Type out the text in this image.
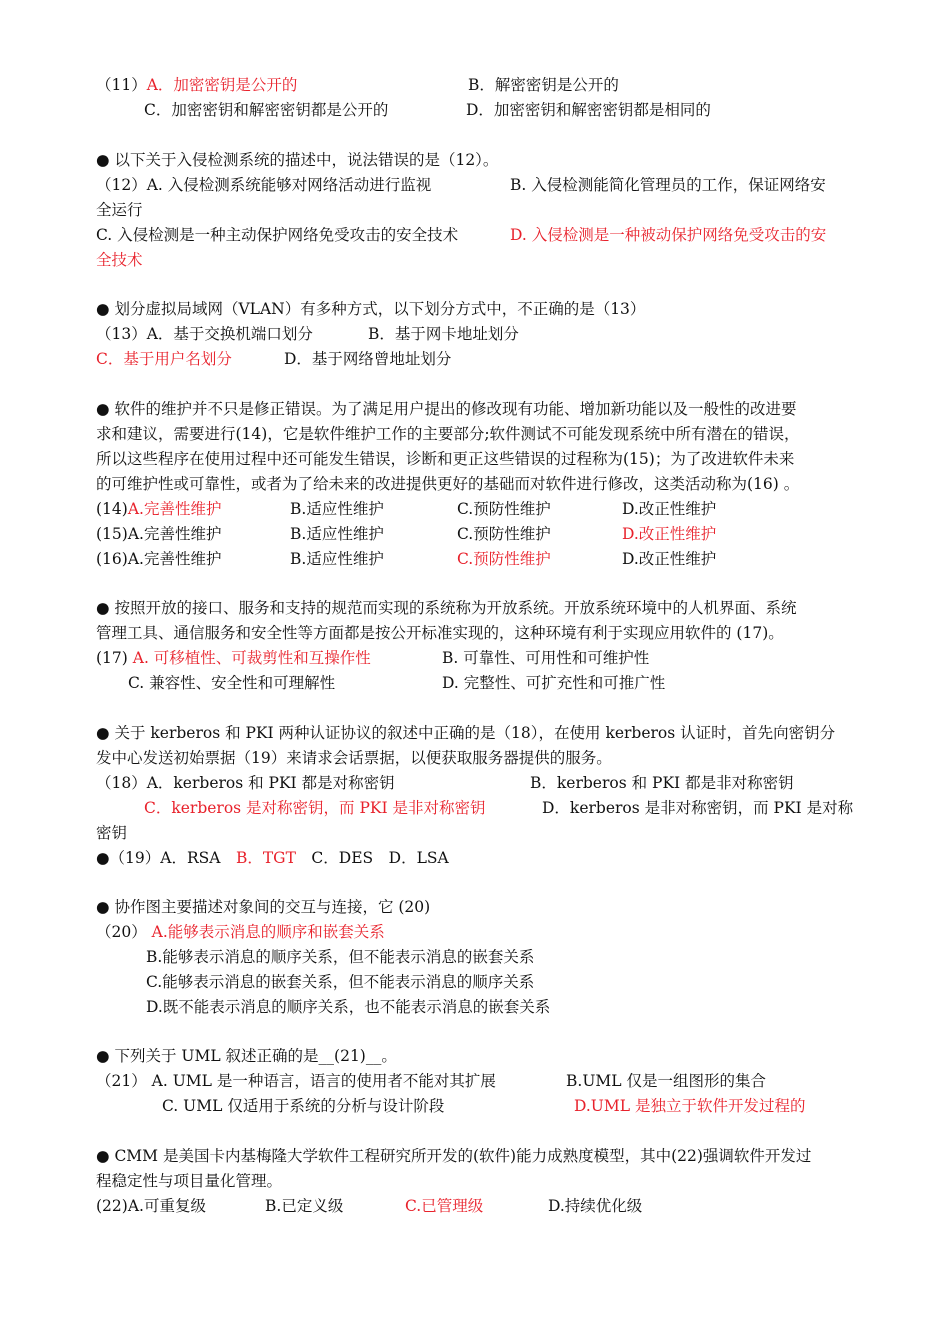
（11）A．加密密钥是公开的	B．解密密钥是公开的
C．加密密钥和解密密钥都是公开的	D．加密密钥和解密密钥都是相同的
● 以下关于入侵检测系统的描述中，说法错误的是（12）。
（12）A. 入侵检测系统能够对网络活动进行监视	B. 入侵检测能简化管理员的工作，保证网络安
全运行
C. 入侵检测是一种主动保护网络免受攻击的安全技术	D. 入侵检测是一种被动保护网络免受攻击的安
全技术
● 划分虚拟局域网（VLAN）有多种方式，以下划分方式中，不正确的是（13）
（13）A．基于交换机端口划分	B．基于网卡地址划分
C．基于用户名划分	D．基于网络曾地址划分
● 软件的维护并不只是修正错误。为了满足用户提出的修改现有功能、增加新功能以及一般性的改进要
求和建议，需要进行(14)，它是软件维护工作的主要部分;软件测试不可能发现系统中所有潜在的错误，
所以这些程序在使用过程中还可能发生错误，诊断和更正这些错误的过程称为(15)；为了改进软件未来
的可维护性或可靠性，或者为了给未来的改进提供更好的基础而对软件进行修改，这类活动称为(16) 。
(14)A.完善性维护	B.适应性维护	C.预防性维护	D.改正性维护
(15)A.完善性维护	B.适应性维护	C.预防性维护	D.改正性维护
(16)A.完善性维护	B.适应性维护	C.预防性维护	D.改正性维护
● 按照开放的接口、服务和支持的规范而实现的系统称为开放系统。开放系统环境中的人机界面、系统
管理工具、通信服务和安全性等方面都是按公开标准实现的，这种环境有利于实现应用软件的 (17)。
(17) A. 可移植性、可裁剪性和互操作性	B. 可靠性、可用性和可维护性
C. 兼容性、安全性和可理解性	D. 完整性、可扩充性和可推广性
● 关于 kerberos 和 PKI 两种认证协议的叙述中正确的是（18），在使用 kerberos 认证时，首先向密钥分
发中心发送初始票据（19）来请求会话票据，以便获取服务器提供的服务。
（18）A．kerberos 和 PKI 都是对称密钥	B．kerberos 和 PKI 都是非对称密钥
C．kerberos 是对称密钥，而 PKI 是非对称密钥	D．kerberos 是非对称密钥，而 PKI 是对称
密钥
●（19）A．RSA　 B．TGT　 C．DES　D．LSA
● 协作图主要描述对象间的交互与连接，它 (20)
（20） A.能够表示消息的顺序和嵌套关系
B.能够表示消息的顺序关系，但不能表示消息的嵌套关系
C.能够表示消息的嵌套关系，但不能表示消息的顺序关系
D.既不能表示消息的顺序关系，也不能表示消息的嵌套关系
● 下列关于 UML 叙述正确的是__(21)__。
（21） A. UML 是一种语言，语言的使用者不能对其扩展	B.UML 仅是一组图形的集合
C. UML 仅适用于系统的分析与设计阶段	D.UML 是独立于软件开发过程的
● CMM 是美国卡内基梅隆大学软件工程研究所开发的(软件)能力成熟度模型，其中(22)强调软件开发过
程稳定性与项目量化管理。
(22)A.可重复级	B.已定义级	C.已管理级	D.持续优化级
